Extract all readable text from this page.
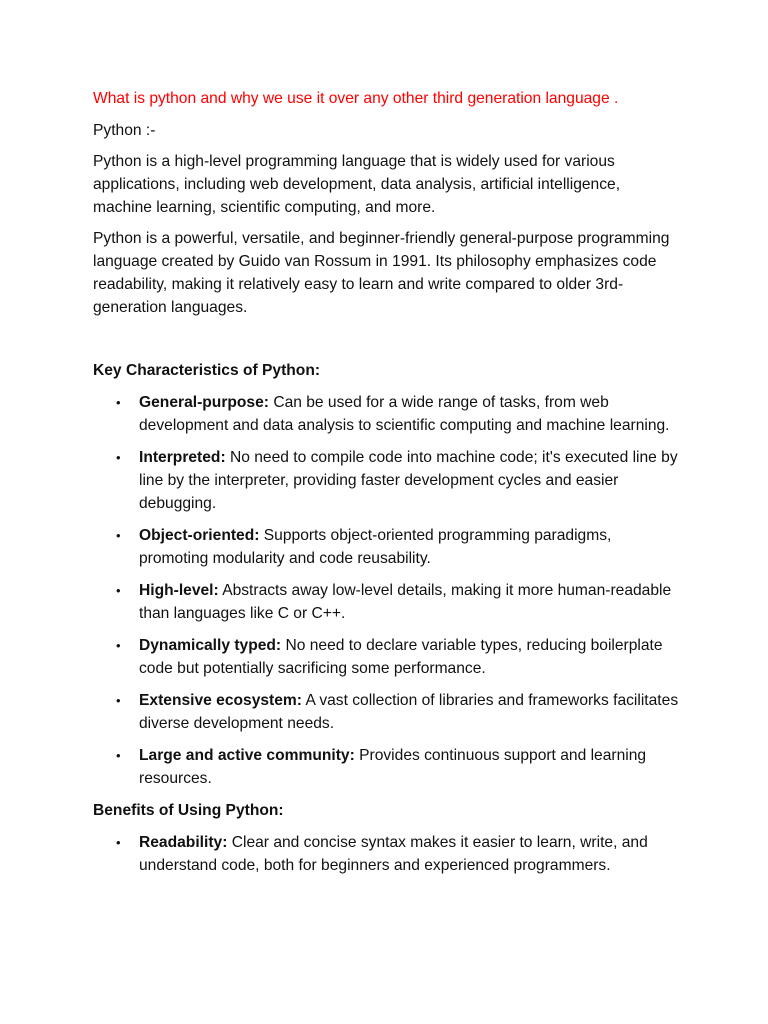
What is python and why we use it over any other third generation language .

Python :-

Python is a high-level programming language that is widely used for various applications, including web development, data analysis, artificial intelligence, machine learning, scientific computing, and more.

Python is a powerful, versatile, and beginner-friendly general-purpose programming language created by Guido van Rossum in 1991. Its philosophy emphasizes code readability, making it relatively easy to learn and write compared to older 3rd-generation languages.

Key Characteristics of Python:

• General-purpose: Can be used for a wide range of tasks, from web development and data analysis to scientific computing and machine learning.
• Interpreted: No need to compile code into machine code; it's executed line by line by the interpreter, providing faster development cycles and easier debugging.
• Object-oriented: Supports object-oriented programming paradigms, promoting modularity and code reusability.
• High-level: Abstracts away low-level details, making it more human-readable than languages like C or C++.
• Dynamically typed: No need to declare variable types, reducing boilerplate code but potentially sacrificing some performance.
• Extensive ecosystem: A vast collection of libraries and frameworks facilitates diverse development needs.
• Large and active community: Provides continuous support and learning resources.

Benefits of Using Python:

• Readability: Clear and concise syntax makes it easier to learn, write, and understand code, both for beginners and experienced programmers.
